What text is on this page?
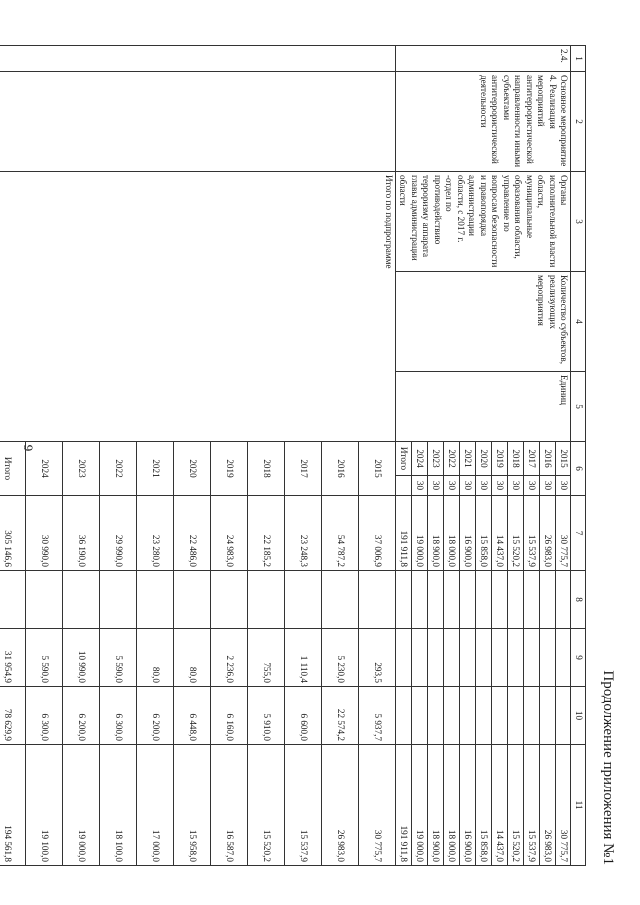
9
Продолжение приложения №1
1	2	3	4	5	6		7	8	9	10	11
2.4.	Основное мероприятие 4. Реализация мероприятий антитеррористической направленности иными субъектами антитеррористической деятельности	Органы исполнительной власти области, муниципальные образования области, управление по вопросам безопасности и правопорядка администрации области, с 2017 г. -отдел по противодействию терроризму аппарата главы администрации области	Количество субъектов, реализующих мероприятия	Единиц	2015	30	30 775,7				30 775,7
					2016	30	26 983,0				26 983,0
					2017	30	15 537,9				15 537,9
					2018	30	15 520,2				15 520,2
					2019	30	14 437,0				14 437,0
					2020	30	15 858,0				15 858,0
					2021	30	16 900,0				16 900,0
					2022	30	18 000,0				18 000,0
					2023	30	18 900,0				18 900,0
					2024	30	19 000,0				19 000,0
					Итого		191 911,8				191 911,8
		Итого по подпрограмме			2015		37 006,9		293,5	5 937,7	30 775,7
					2016		54 787,2		5 230,0	22 574,2	26 983,0
					2017		23 248,3		1 110,4	6 600,0	15 537,9
					2018		22 185,2		755,0	5 910,0	15 520,2
					2019		24 983,0		2 236,0	6 160,0	16 587,0
					2020		22 486,0		80,0	6 448,0	15 958,0
					2021		23 280,0		80,0	6 200,0	17 000,0
					2022		29 990,0		5 590,0	6 300,0	18 100,0
					2023		36 190,0		10 990,0	6 200,0	19 000,0
					2024		30 990,0		5 590,0	6 300,0	19 100,0
					Итого		305 146,6		31 954,9	78 629,9	194 561,8
